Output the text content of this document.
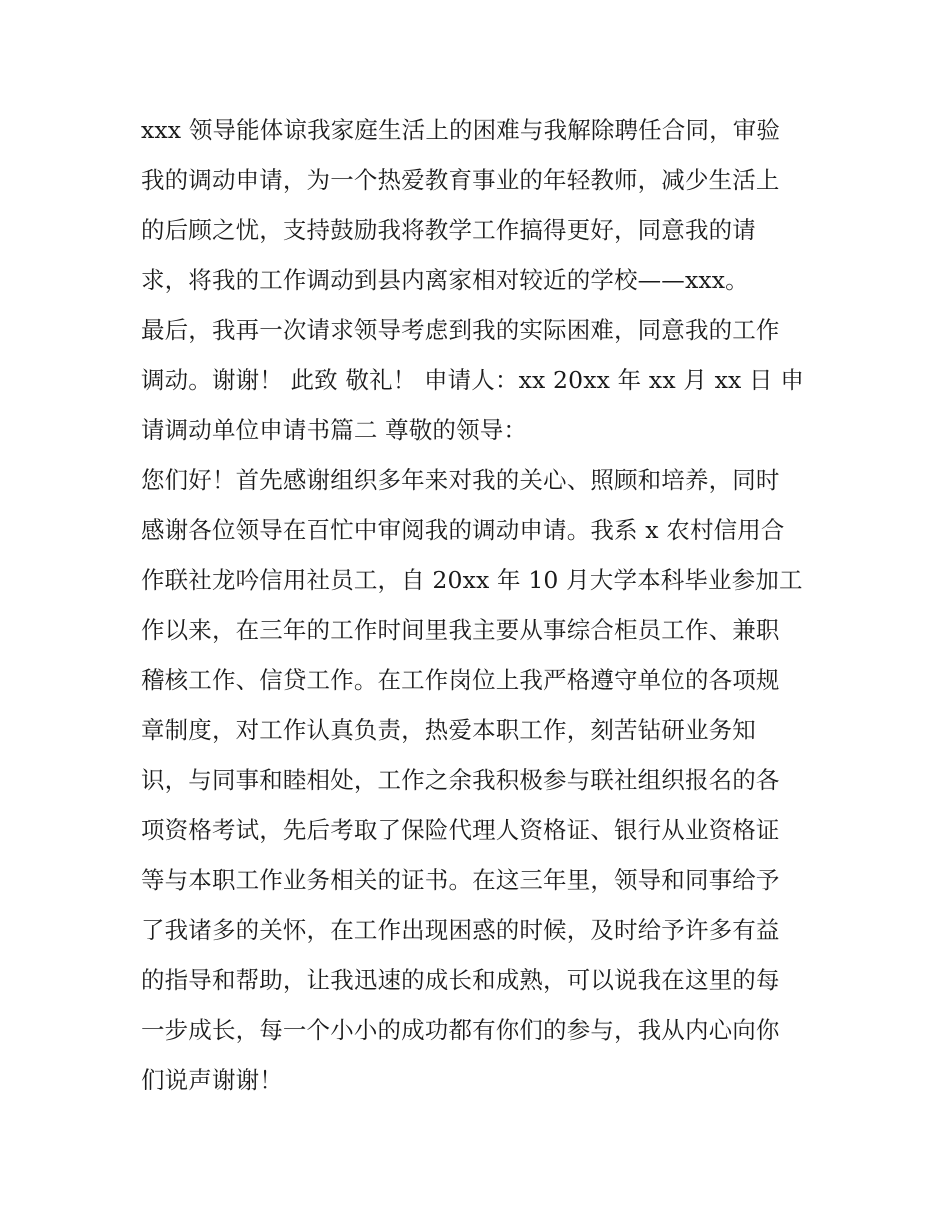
xxx 领导能体谅我家庭生活上的困难与我解除聘任合同，审验
我的调动申请，为一个热爱教育事业的年轻教师，减少生活上
的后顾之忧，支持鼓励我将教学工作搞得更好，同意我的请
求，将我的工作调动到县内离家相对较近的学校——xxx。
最后，我再一次请求领导考虑到我的实际困难，同意我的工作
调动。谢谢！ 此致 敬礼！ 申请人：xx 20xx 年 xx 月 xx 日 申
请调动单位申请书篇二 尊敬的领导：
您们好！首先感谢组织多年来对我的关心、照顾和培养，同时
感谢各位领导在百忙中审阅我的调动申请。我系 x 农村信用合
作联社龙吟信用社员工，自 20xx 年 10 月大学本科毕业参加工
作以来，在三年的工作时间里我主要从事综合柜员工作、兼职
稽核工作、信贷工作。在工作岗位上我严格遵守单位的各项规
章制度，对工作认真负责，热爱本职工作，刻苦钻研业务知
识，与同事和睦相处，工作之余我积极参与联社组织报名的各
项资格考试，先后考取了保险代理人资格证、银行从业资格证
等与本职工作业务相关的证书。在这三年里，领导和同事给予
了我诸多的关怀，在工作出现困惑的时候，及时给予许多有益
的指导和帮助，让我迅速的成长和成熟，可以说我在这里的每
一步成长，每一个小小的成功都有你们的参与，我从内心向你
们说声谢谢！
